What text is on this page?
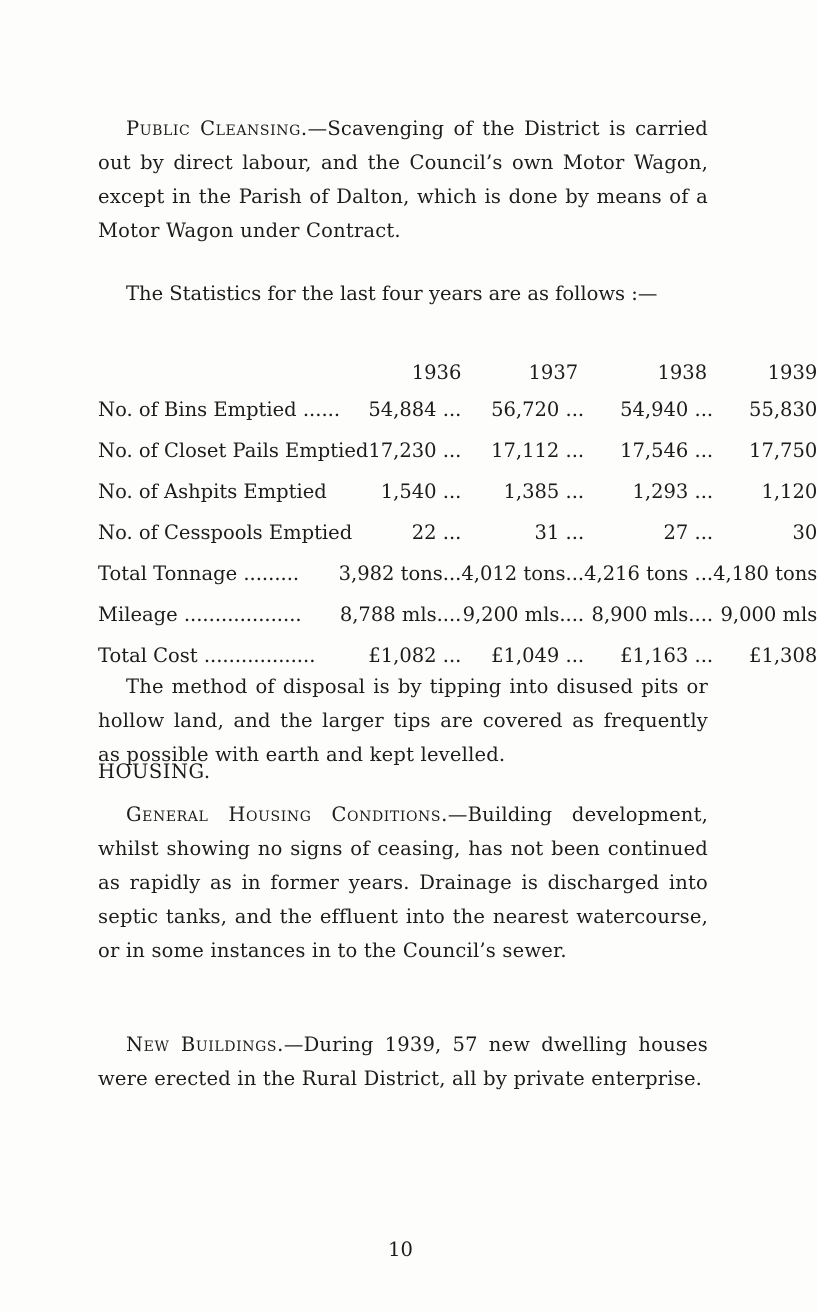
Public Cleansing.—Scavenging of the District is carried out by direct labour, and the Council’s own Motor Wagon, except in the Parish of Dalton, which is done by means of a Motor Wagon under Contract.

The Statistics for the last four years are as follows :—
1936	1937	1938	1939

No. of Bins Emptied ...... 54,884 ... 56,720 ...	54,940 ...	55,830

No. of Closet Pails Emptied 17,230 ... 17,112 ...	17,546 ...	17,750

No. of Ashpits Emptied	1,540 ... 1,385 ...	1,293 ...	1,120

No. of Cesspools Emptied	22 ...	31 ...	27 ...	30

Total Tonnage ......... 3,982 tons... 4,012 tons...	4,216 tons ...	4,180 tons

Mileage ................... 8,788 mls.... 9,200 mls....	8,900 mls....	9,000 mls

Total Cost ..................	£1,082 ... £1,049 ...	£1,163 ...	£1,308

The method of disposal is by tipping into disused pits or hollow land, and the larger tips are covered as frequently as possible with earth and kept levelled.

HOUSING.

General Housing Conditions.—Building development, whilst showing no signs of ceasing, has not been continued as rapidly as in former years. Drainage is discharged into septic tanks, and the effluent into the nearest watercourse, or in some instances in to the Council’s sewer.

New Buildings.—During 1939, 57 new dwelling houses were erected in the Rural District, all by private enterprise.

10
